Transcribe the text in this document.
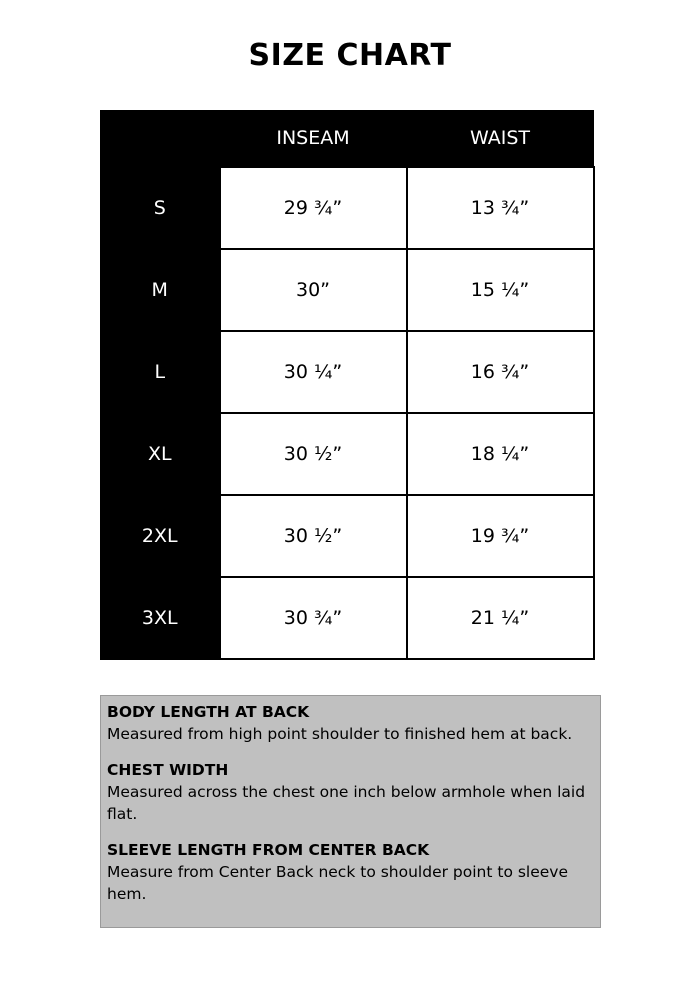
SIZE CHART
	INSEAM	WAIST
S	29 ¾”	13 ¾”
M	30”	15 ¼”
L	30 ¼”	16 ¾”
XL	30 ½”	18 ¼”
2XL	30 ½”	19 ¾”
3XL	30 ¾”	21 ¼”
BODY LENGTH AT BACK
Measured from high point shoulder to finished hem at back.
CHEST WIDTH
Measured across the chest one inch below armhole when laid flat.
SLEEVE LENGTH FROM CENTER BACK
Measure from Center Back neck to shoulder point to sleeve hem.
